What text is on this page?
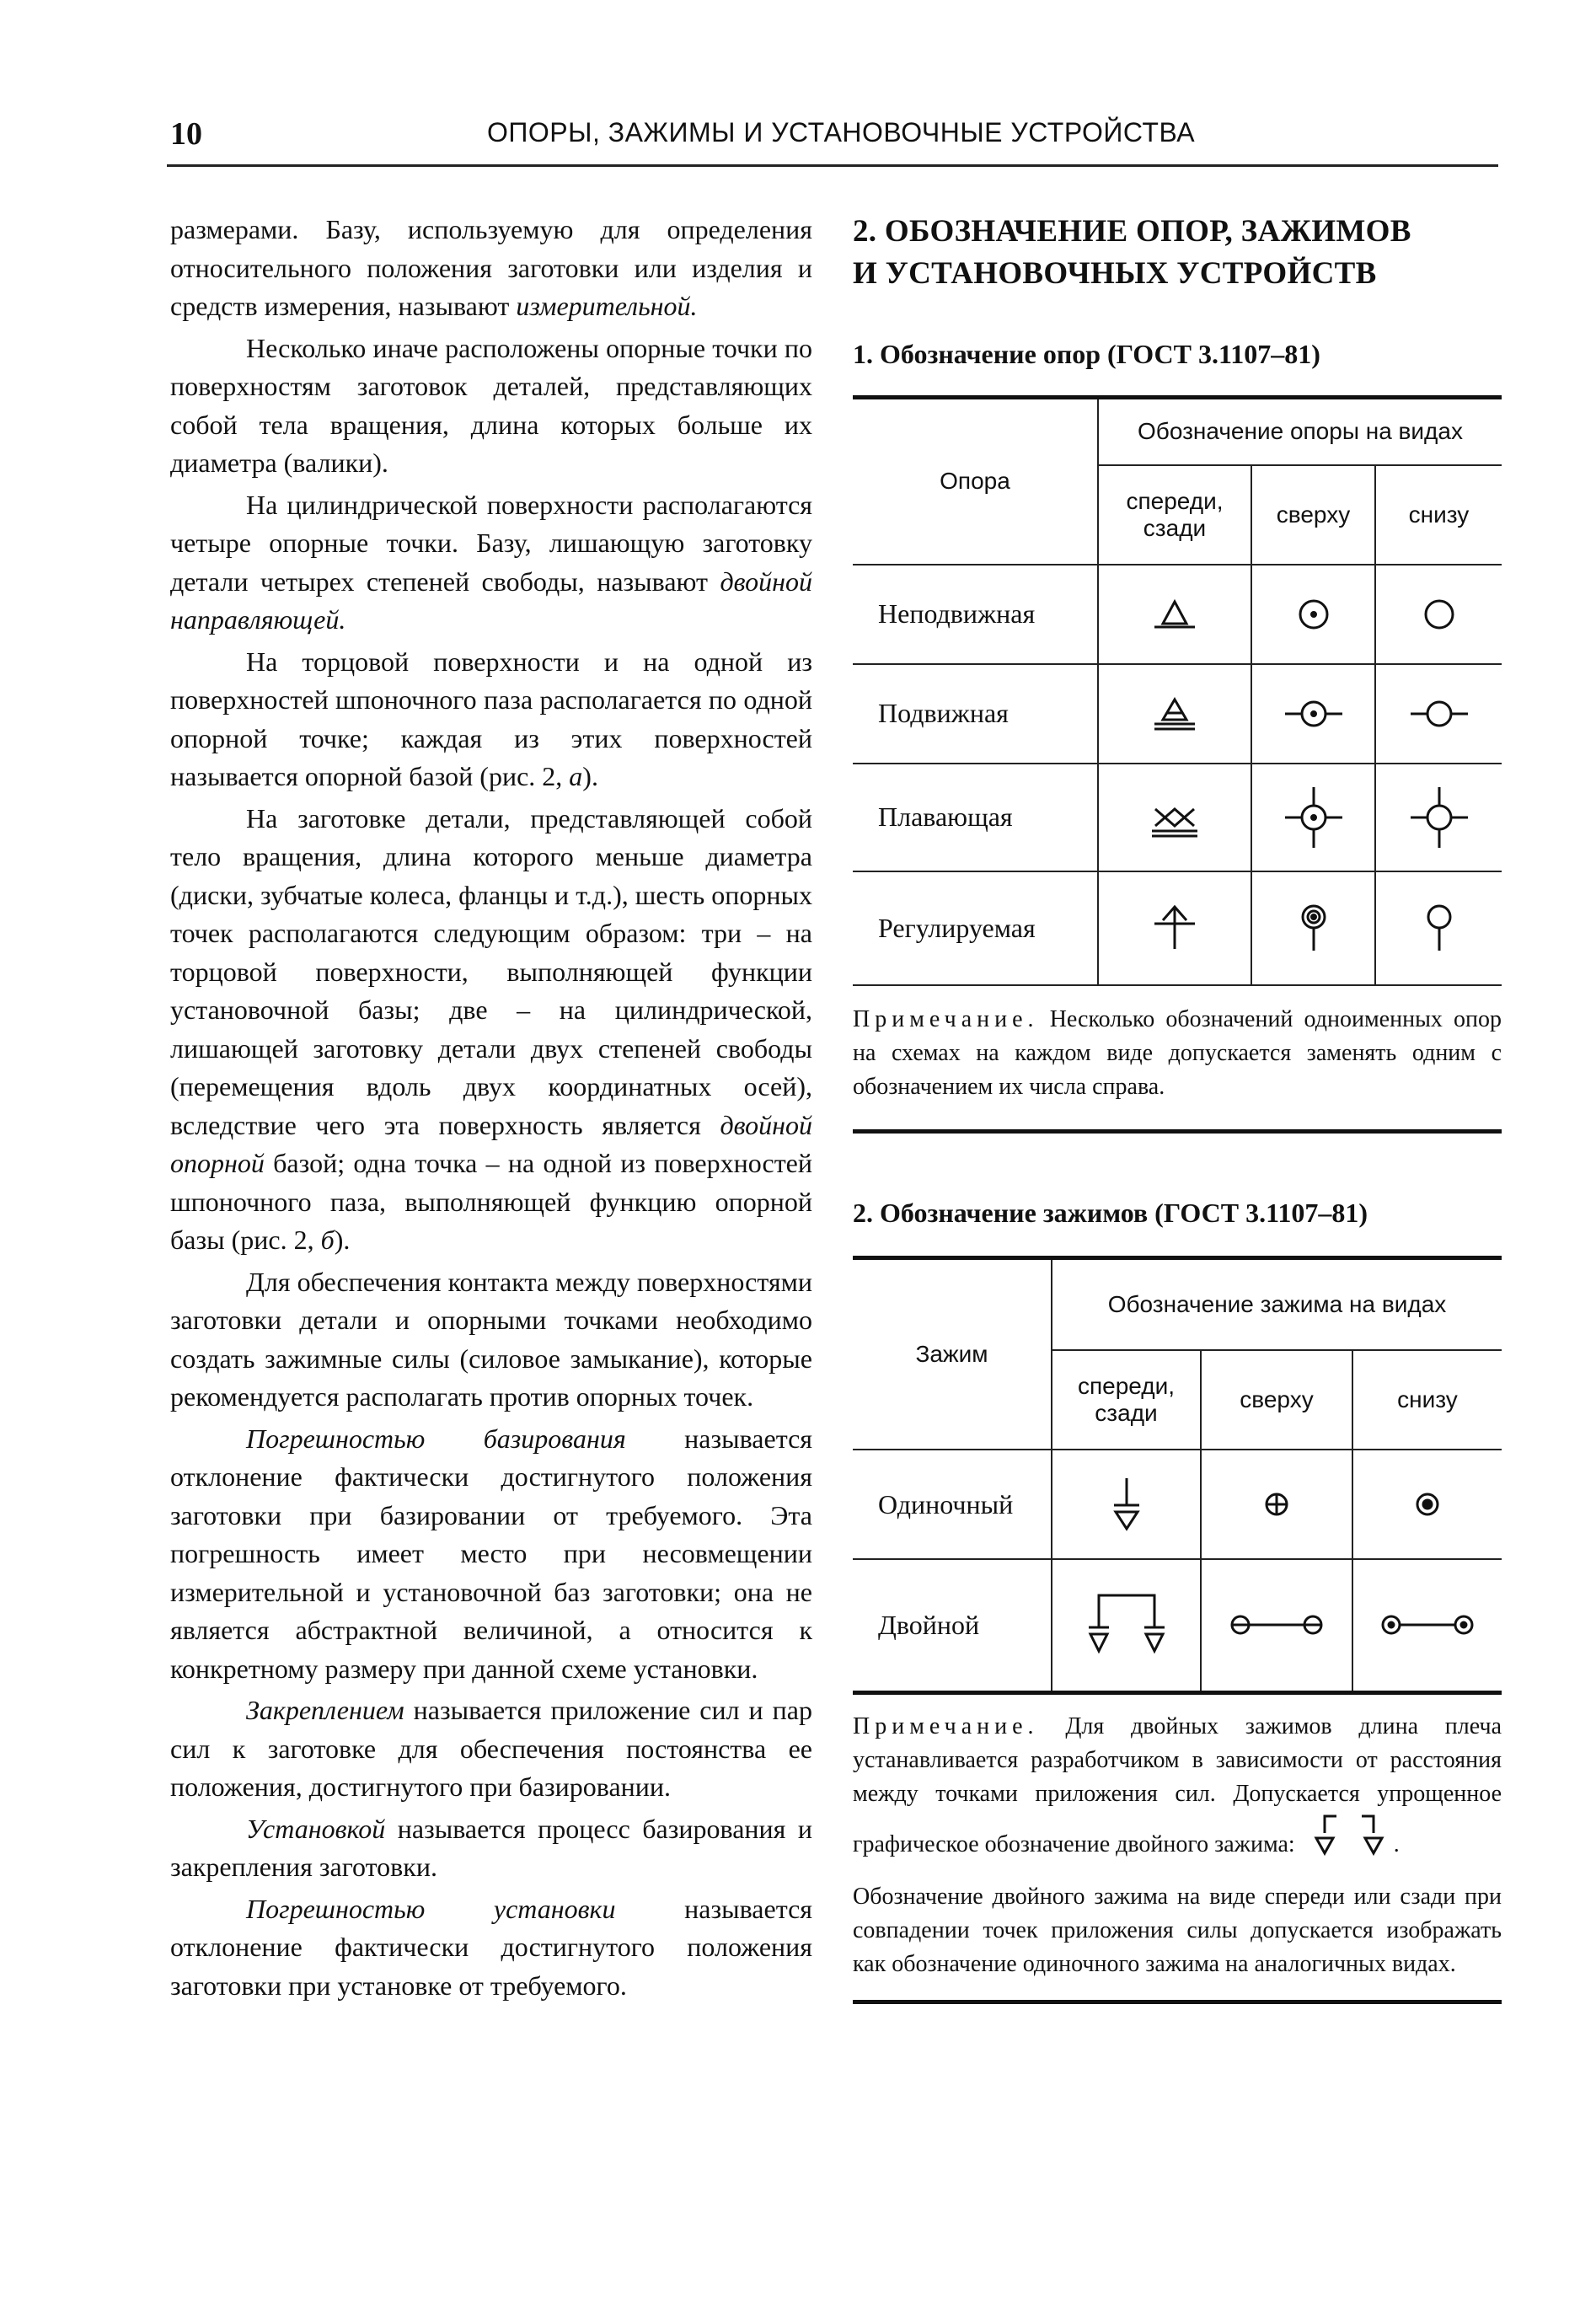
10	ОПОРЫ, ЗАЖИМЫ И УСТАНОВОЧНЫЕ УСТРОЙСТВА

размерами. Базу, используемую для определения относительного положения заготовки или изделия и средств измерения, называют измерительной.

Несколько иначе расположены опорные точки по поверхностям заготовок деталей, представляющих собой тела вращения, длина которых больше их диаметра (валики).

На цилиндрической поверхности располагаются четыре опорные точки. Базу, лишающую заготовку детали четырех степеней свободы, называют двойной направляющей.

На торцовой поверхности и на одной из поверхностей шпоночного паза располагается по одной опорной точке; каждая из этих поверхностей называется опорной базой (рис. 2, а).

На заготовке детали, представляющей собой тело вращения, длина которого меньше диаметра (диски, зубчатые колеса, фланцы и т.д.), шесть опорных точек располагаются следующим образом: три – на торцовой поверхности, выполняющей функции установочной базы; две – на цилиндрической, лишающей заготовку детали двух степеней свободы (перемещения вдоль двух координатных осей), вследствие чего эта поверхность является двойной опорной базой; одна точка – на одной из поверхностей шпоночного паза, выполняющей функцию опорной базы (рис. 2, б).

Для обеспечения контакта между поверхностями заготовки детали и опорными точками необходимо создать зажимные силы (силовое замыкание), которые рекомендуется располагать против опорных точек.

Погрешностью базирования называется отклонение фактически достигнутого положения заготовки при базировании от требуемого. Эта погрешность имеет место при несовмещении измерительной и установочной баз заготовки; она не является абстрактной величиной, а относится к конкретному размеру при данной схеме установки.

Закреплением называется приложение сил и пар сил к заготовке для обеспечения постоянства ее положения, достигнутого при базировании.

Установкой называется процесс базирования и закрепления заготовки.

Погрешностью установки называется отклонение фактически достигнутого положения заготовки при установке от требуемого.

2. ОБОЗНАЧЕНИЕ ОПОР, ЗАЖИМОВ
И УСТАНОВОЧНЫХ УСТРОЙСТВ

1. Обозначение опор (ГОСТ 3.1107–81)

Опора	Обозначение опоры на видах		
	спереди,
сзади	сверху	снизу
Неподвижная	

Подвижная	

Плавающая	

Регулируемая	

Примечание. Несколько обозначений одноименных опор на схемах на каждом виде допускается заменять одним с обозначением их числа справа.

2. Обозначение зажимов (ГОСТ 3.1107–81)

Зажим	Обозначение зажима на видах		
	спереди,
сзади	сверху	снизу
Одиночный	

Двойной	

Примечание. Для двойных зажимов длина плеча устанавливается разработчиком в зависимости от расстояния между точками приложения сил. Допускается упрощенное графическое обозначение двойного зажима:	.

Обозначение двойного зажима на виде спереди или сзади при совпадении точек приложения силы допускается изображать как обозначение одиночного зажима на аналогичных видах.
